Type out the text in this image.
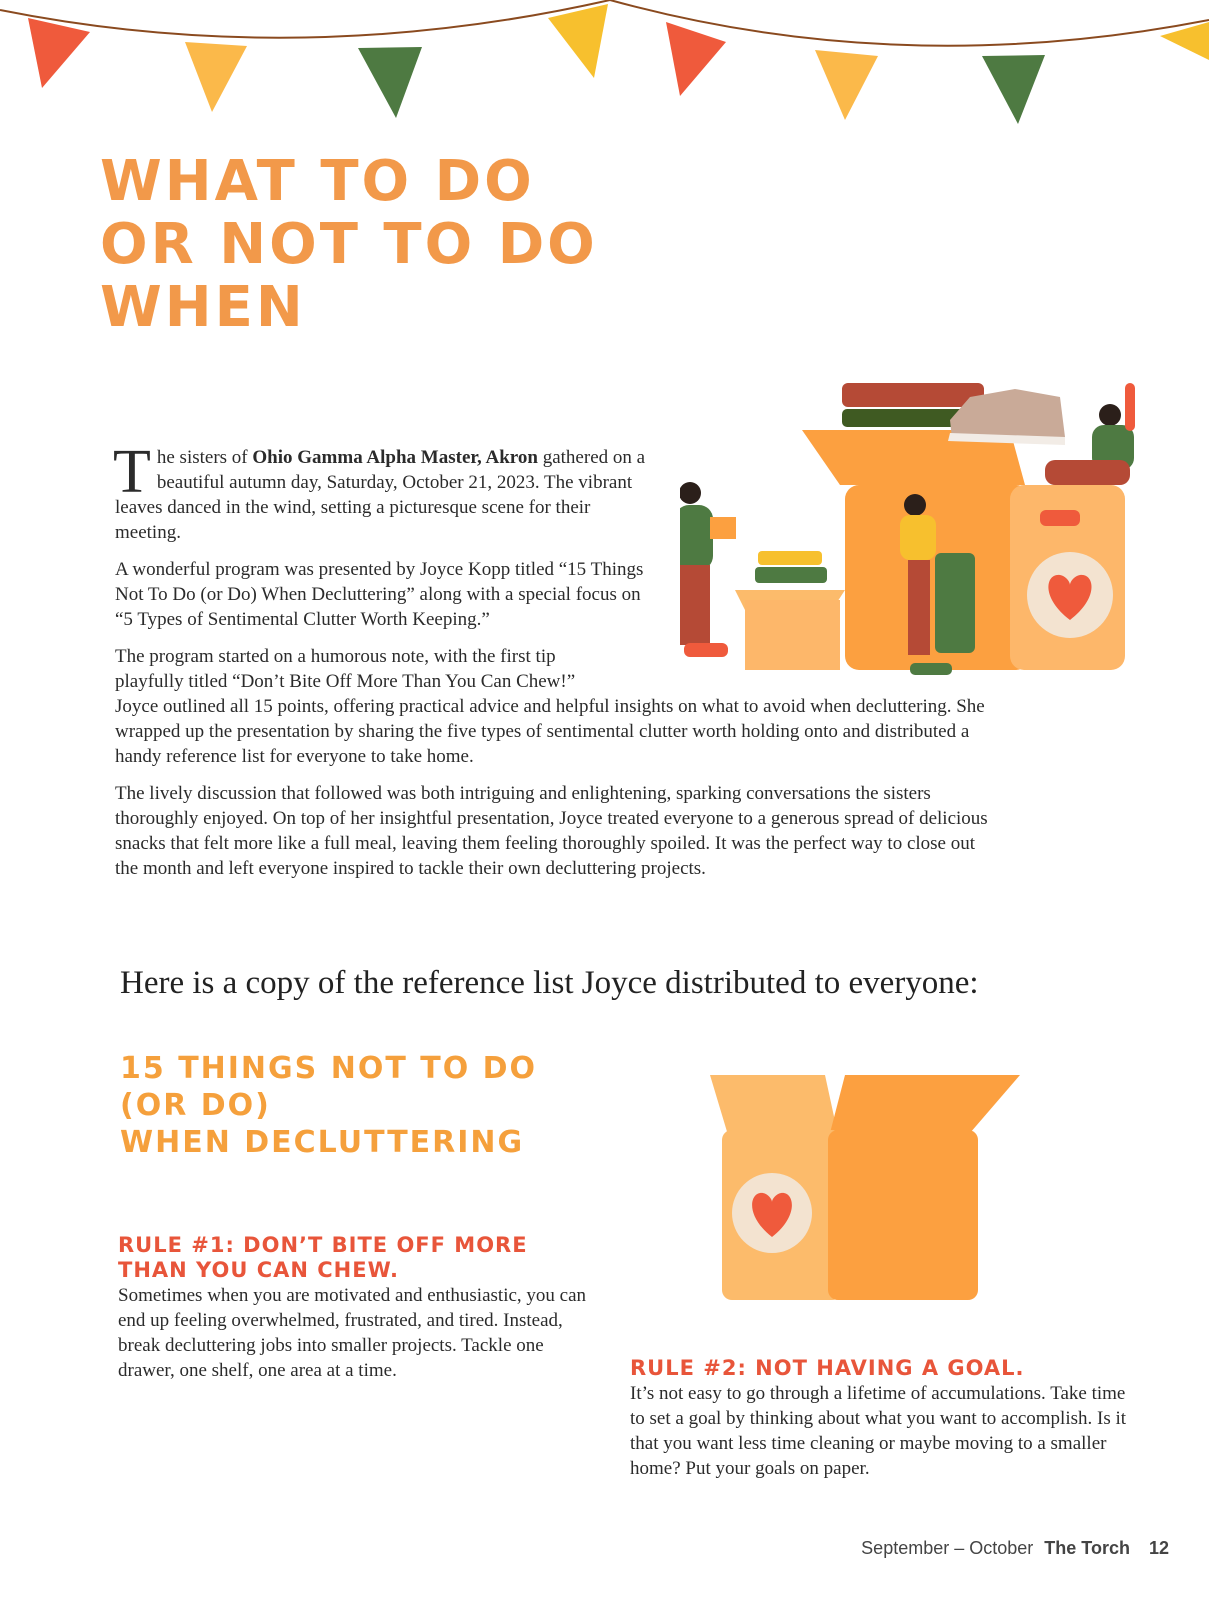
WHAT TO DO
OR NOT TO DO
WHEN

The sisters of Ohio Gamma Alpha Master, Akron gathered on a beautiful autumn day, Saturday, October 21, 2023. The vibrant leaves danced in the wind, setting a picturesque scene for their meeting.

A wonderful program was presented by Joyce Kopp titled “15 Things Not To Do (or Do) When Decluttering” along with a special focus on “5 Types of Sentimental Clutter Worth Keeping.”

The program started on a humorous note, with the first tip playfully titled “Don’t Bite Off More Than You Can Chew!”
Joyce outlined all 15 points, offering practical advice and helpful insights on what to avoid when decluttering. She wrapped up the presentation by sharing the five types of sentimental clutter worth holding onto and distributed a handy reference list for everyone to take home.

The lively discussion that followed was both intriguing and enlightening, sparking conversations the sisters thoroughly enjoyed. On top of her insightful presentation, Joyce treated everyone to a generous spread of delicious snacks that felt more like a full meal, leaving them feeling thoroughly spoiled. It was the perfect way to close out the month and left everyone inspired to tackle their own decluttering projects.

Here is a copy of the reference list Joyce distributed to everyone:

15 THINGS NOT TO DO
(OR DO)
WHEN DECLUTTERING
RULE #1: DON’T BITE OFF MORE THAN YOU CAN CHEW.

Sometimes when you are motivated and enthusiastic, you can end up feeling overwhelmed, frustrated, and tired. Instead, break decluttering jobs into smaller projects. Tackle one drawer, one shelf, one area at a time.	RULE #2: NOT HAVING A GOAL.

It’s not easy to go through a lifetime of accumulations. Take time to set a goal by thinking about what you want to accomplish. Is it that you want less time cleaning or maybe moving to a smaller home? Put your goals on paper.

September – October The Torch 12
